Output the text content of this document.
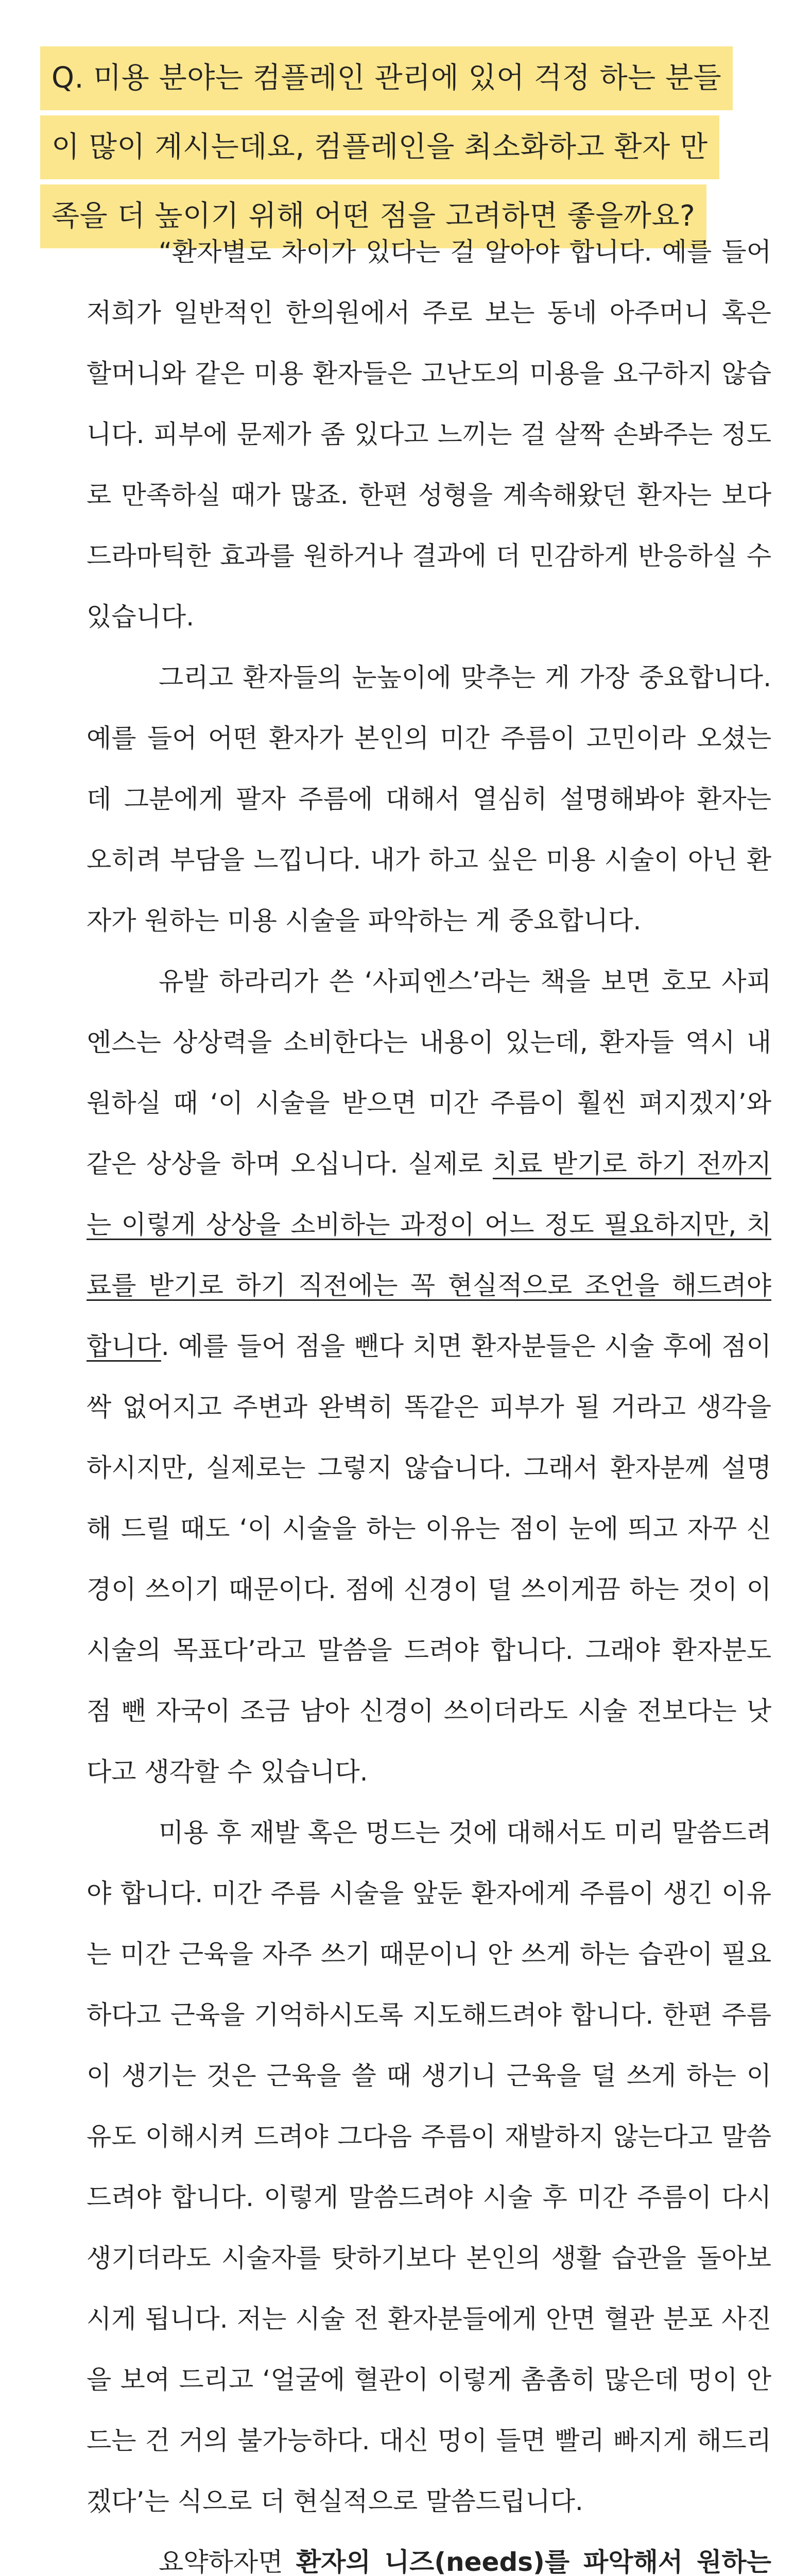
Q. 미용 분야는 컴플레인 관리에 있어 걱정 하는 분들
이 많이 계시는데요, 컴플레인을 최소화하고 환자 만
족을 더 높이기 위해 어떤 점을 고려하면 좋을까요?

“환자별로 차이가 있다는 걸 알아야 합니다. 예를 들어 저희가 일반적인 한의원에서 주로 보는 동네 아주머니 혹은 할머니와 같은 미용 환자들은 고난도의 미용을 요구하지 않습니다. 피부에 문제가 좀 있다고 느끼는 걸 살짝 손봐주는 정도로 만족하실 때가 많죠. 한편 성형을 계속해왔던 환자는 보다 드라마틱한 효과를 원하거나 결과에 더 민감하게 반응하실 수 있습니다.

그리고 환자들의 눈높이에 맞추는 게 가장 중요합니다. 예를 들어 어떤 환자가 본인의 미간 주름이 고민이라 오셨는데 그분에게 팔자 주름에 대해서 열심히 설명해봐야 환자는 오히려 부담을 느낍니다. 내가 하고 싶은 미용 시술이 아닌 환자가 원하는 미용 시술을 파악하는 게 중요합니다.

유발 하라리가 쓴 ‘사피엔스’라는 책을 보면 호모 사피엔스는 상상력을 소비한다는 내용이 있는데, 환자들 역시 내원하실 때 ‘이 시술을 받으면 미간 주름이 훨씬 펴지겠지’와 같은 상상을 하며 오십니다. 실제로 치료 받기로 하기 전까지는 이렇게 상상을 소비하는 과정이 어느 정도 필요하지만, 치료를 받기로 하기 직전에는 꼭 현실적으로 조언을 해드려야 합니다. 예를 들어 점을 뺀다 치면 환자분들은 시술 후에 점이 싹 없어지고 주변과 완벽히 똑같은 피부가 될 거라고 생각을 하시지만, 실제로는 그렇지 않습니다. 그래서 환자분께 설명해 드릴 때도 ‘이 시술을 하는 이유는 점이 눈에 띄고 자꾸 신경이 쓰이기 때문이다. 점에 신경이 덜 쓰이게끔 하는 것이 이 시술의 목표다’라고 말씀을 드려야 합니다. 그래야 환자분도 점 뺀 자국이 조금 남아 신경이 쓰이더라도 시술 전보다는 낫다고 생각할 수 있습니다.

미용 후 재발 혹은 멍드는 것에 대해서도 미리 말씀드려야 합니다. 미간 주름 시술을 앞둔 환자에게 주름이 생긴 이유는 미간 근육을 자주 쓰기 때문이니 안 쓰게 하는 습관이 필요하다고 근육을 기억하시도록 지도해드려야 합니다. 한편 주름이 생기는 것은 근육을 쓸 때 생기니 근육을 덜 쓰게 하는 이유도 이해시켜 드려야 그다음 주름이 재발하지 않는다고 말씀드려야 합니다. 이렇게 말씀드려야 시술 후 미간 주름이 다시 생기더라도 시술자를 탓하기보다 본인의 생활 습관을 돌아보시게 됩니다. 저는 시술 전 환자분들에게 안면 혈관 분포 사진을 보여 드리고 ‘얼굴에 혈관이 이렇게 촘촘히 많은데 멍이 안 드는 건 거의 불가능하다. 대신 멍이 들면 빨리 빠지게 해드리겠다’는 식으로 더 현실적으로 말씀드립니다.

요약하자면 환자의 니즈(needs)를 파악해서 원하는
